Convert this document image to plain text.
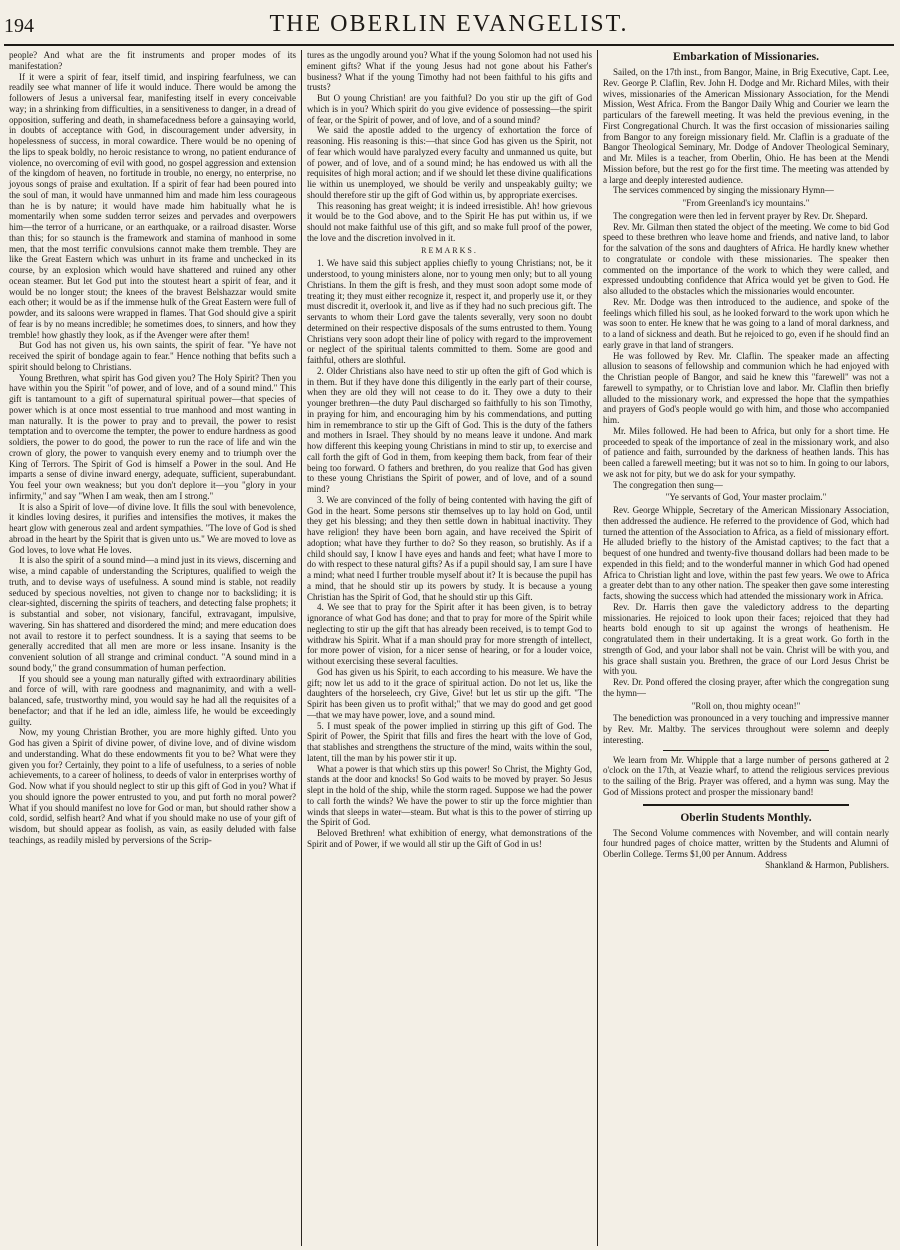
194	THE OBERLIN EVANGELIST.

people? And what are the fit instruments and proper modes of its manifestation?

If it were a spirit of fear, itself timid, and inspiring fearfulness, we can readily see what manner of life it would induce. There would be among the followers of Jesus a universal fear, manifesting itself in every conceivable way; in a shrinking from difficulties, in a sensitiveness to danger, in a dread of opposition, suffering and death, in shamefacedness before a gainsaying world, in doubts of acceptance with God, in discouragement under adversity, in hopelessness of success, in moral cowardice. There would be no opening of the lips to speak boldly, no heroic resistance to wrong, no patient endurance of violence, no overcoming of evil with good, no gospel aggression and extension of the kingdom of heaven, no fortitude in trouble, no energy, no enterprise, no joyous songs of praise and exultation. If a spirit of fear had been poured into the soul of man, it would have unmanned him and made him less courageous than he is by nature; it would have made him habitually what he is momentarily when some sudden terror seizes and pervades and overpowers him—the terror of a hurricane, or an earthquake, or a railroad disaster. Worse than this; for so staunch is the framework and stamina of manhood in some men, that the most terrific convulsions cannot make them tremble. They are like the Great Eastern which was unhurt in its frame and unchecked in its course, by an explosion which would have shattered and ruined any other ocean steamer. But let God put into the stoutest heart a spirit of fear, and it would be no longer stout; the knees of the bravest Belshazzar would smite each other; it would be as if the immense hulk of the Great Eastern were full of powder, and its saloons were wrapped in flames. That God should give a spirit of fear is by no means incredible; he sometimes does, to sinners, and how they tremble! how ghastly they look, as if the Avenger were after them!

But God has not given us, his own saints, the spirit of fear. "Ye have not received the spirit of bondage again to fear." Hence nothing that befits such a spirit should belong to Christians.

Young Brethren, what spirit has God given you? The Holy Spirit? Then you have within you the Spirit "of power, and of love, and of a sound mind." This gift is tantamount to a gift of supernatural spiritual power—that species of power which is at once most essential to true manhood and most wanting in man naturally. It is the power to pray and to prevail, the power to resist temptation and to overcome the tempter, the power to endure hardness as good soldiers, the power to do good, the power to run the race of life and win the crown of glory, the power to vanquish every enemy and to triumph over the King of Terrors. The Spirit of God is himself a Power in the soul. And He imparts a sense of divine inward energy, adequate, sufficient, superabundant. You feel your own weakness; but you don't deplore it—you "glory in your infirmity," and say "When I am weak, then am I strong."

It is also a Spirit of love—of divine love. It fills the soul with benevolence, it kindles loving desires, it purifies and intensifies the motives, it makes the heart glow with generous zeal and ardent sympathies. "The love of God is shed abroad in the heart by the Spirit that is given unto us." We are moved to love as God loves, to love what He loves.

It is also the spirit of a sound mind—a mind just in its views, discerning and wise, a mind capable of understanding the Scriptures, qualified to weigh the truth, and to devise ways of usefulness. A sound mind is stable, not readily seduced by specious novelties, not given to change nor to backsliding; it is clear-sighted, discerning the spirits of teachers, and detecting false prophets; it is substantial and sober, not visionary, fanciful, extravagant, impulsive, wavering. Sin has shattered and disordered the mind; and mere education does not avail to restore it to perfect soundness. It is a saying that seems to be generally accredited that all men are more or less insane. Insanity is the convenient solution of all strange and criminal conduct. "A sound mind in a sound body," the grand consummation of human perfection.

If you should see a young man naturally gifted with extraordinary abilities and force of will, with rare goodness and magnanimity, and with a well-balanced, safe, trustworthy mind, you would say he had all the requisites of a benefactor; and that if he led an idle, aimless life, he would be exceedingly guilty.

Now, my young Christian Brother, you are more highly gifted. Unto you God has given a Spirit of divine power, of divine love, and of divine wisdom and understanding. What do these endowments fit you to be? What were they given you for? Certainly, they point to a life of usefulness, to a series of noble achievements, to a career of holiness, to deeds of valor in enterprises worthy of God. Now what if you should neglect to stir up this gift of God in you? What if you should ignore the power entrusted to you, and put forth no moral power? What if you should manifest no love for God or man, but should rather show a cold, sordid, selfish heart? And what if you should make no use of your gift of wisdom, but should appear as foolish, as vain, as easily deluded with false teachings, as readily misled by perversions of the Scrip-

tures as the ungodly around you? What if the young Solomon had not used his eminent gifts? What if the young Jesus had not gone about his Father's business? What if the young Timothy had not been faithful to his gifts and trusts?

But O young Christian! are you faithful? Do you stir up the gift of God which is in you? Which spirit do you give evidence of possessing—the spirit of fear, or the Spirit of power, and of love, and of a sound mind?

We said the apostle added to the urgency of exhortation the force of reasoning. His reasoning is this:—that since God has given us the Spirit, not of fear which would have paralyzed every faculty and unmanned us quite, but of power, and of love, and of a sound mind; he has endowed us with all the requisites of high moral action; and if we should let these divine qualifications lie within us unemployed, we should be verily and unspeakably guilty; we should therefore stir up the gift of God within us, by appropriate exercises.

This reasoning has great weight; it is indeed irresistible. Ah! how grievous it would be to the God above, and to the Spirit He has put within us, if we should not make faithful use of this gift, and so make full proof of the power, the love and the discretion involved in it.

REMARKS.

1. We have said this subject applies chiefly to young Christians; not, be it understood, to young ministers alone, nor to young men only; but to all young Christians. In them the gift is fresh, and they must soon adopt some mode of treating it; they must either recognize it, respect it, and properly use it, or they must discredit it, overlook it, and live as if they had no such precious gift. The servants to whom their Lord gave the talents severally, very soon no doubt determined on their respective disposals of the sums entrusted to them. Young Christians very soon adopt their line of policy with regard to the improvement or neglect of the spiritual talents committed to them. Some are good and faithful, others are slothful.

2. Older Christians also have need to stir up often the gift of God which is in them. But if they have done this diligently in the early part of their course, when they are old they will not cease to do it. They owe a duty to their younger brethren—the duty Paul discharged so faithfully to his son Timothy, in praying for him, and encouraging him by his commendations, and putting him in remembrance to stir up the Gift of God. This is the duty of the fathers and mothers in Israel. They should by no means leave it undone. And mark how different this keeping young Christians in mind to stir up, to exercise and call forth the gift of God in them, from keeping them back, from fear of their being too forward. O fathers and brethren, do you realize that God has given to these young Christians the Spirit of power, and of love, and of a sound mind?

3. We are convinced of the folly of being contented with having the gift of God in the heart. Some persons stir themselves up to lay hold on God, until they get his blessing; and they then settle down in habitual inactivity. They have religion! they have been born again, and have received the Spirit of adoption; what have they further to do? So they reason, so brutishly. As if a child should say, I know I have eyes and hands and feet; what have I more to do with respect to these natural gifts? As if a pupil should say, I am sure I have a mind; what need I further trouble myself about it? It is because the pupil has a mind, that he should stir up its powers by study. It is because a young Christian has the Spirit of God, that he should stir up this Gift.

4. We see that to pray for the Spirit after it has been given, is to betray ignorance of what God has done; and that to pray for more of the Spirit while neglecting to stir up the gift that has already been received, is to tempt God to withdraw his Spirit. What if a man should pray for more strength of intellect, for more power of vision, for a nicer sense of hearing, or for a louder voice, without exercising these several faculties.

God has given us his Spirit, to each according to his measure. We have the gift; now let us add to it the grace of spiritual action. Do not let us, like the daughters of the horseleech, cry Give, Give! but let us stir up the gift. "The Spirit has been given us to profit withal;" that we may do good and get good—that we may have power, love, and a sound mind.

5. I must speak of the power implied in stirring up this gift of God. The Spirit of Power, the Spirit that fills and fires the heart with the love of God, that stablishes and strengthens the structure of the mind, waits within the soul, latent, till the man by his power stir it up.

What a power is that which stirs up this power! So Christ, the Mighty God, stands at the door and knocks! So God waits to be moved by prayer. So Jesus slept in the hold of the ship, while the storm raged. Suppose we had the power to call forth the winds? We have the power to stir up the force mightier than winds that sleeps in water—steam. But what is this to the power of stirring up the Spirit of God.

Beloved Brethren! what exhibition of energy, what demonstrations of the Spirit and of Power, if we would all stir up the Gift of God in us!

Embarkation of Missionaries.

Sailed, on the 17th inst., from Bangor, Maine, in Brig Executive, Capt. Lee, Rev. George P. Claflin, Rev. John H. Dodge and Mr. Richard Miles, with their wives, missionaries of the American Missionary Association, for the Mendi Mission, West Africa. From the Bangor Daily Whig and Courier we learn the particulars of the farewell meeting. It was held the previous evening, in the First Congregational Church. It was the first occasion of missionaries sailing from Bangor to any foreign missionary field. Mr. Claflin is a graduate of the Bangor Theological Seminary, Mr. Dodge of Andover Theological Seminary, and Mr. Miles is a teacher, from Oberlin, Ohio. He has been at the Mendi Mission before, but the rest go for the first time. The meeting was attended by a large and deeply interested audience.

The services commenced by singing the missionary Hymn—

"From Greenland's icy mountains."

The congregation were then led in fervent prayer by Rev. Dr. Shepard.

Rev. Mr. Gilman then stated the object of the meeting. We come to bid God speed to these brethren who leave home and friends, and native land, to labor for the salvation of the sons and daughters of Africa. He hardly knew whether to congratulate or condole with these missionaries. The speaker then commented on the importance of the work to which they were called, and expressed undoubting confidence that Africa would yet be given to God. He also alluded to the obstacles which the missionaries would encounter.

Rev. Mr. Dodge was then introduced to the audience, and spoke of the feelings which filled his soul, as he looked forward to the work upon which he was soon to enter. He knew that he was going to a land of moral darkness, and to a land of sickness and death. But he rejoiced to go, even if he should find an early grave in that land of strangers.

He was followed by Rev. Mr. Claflin. The speaker made an affecting allusion to seasons of fellowship and communion which he had enjoyed with the Christian people of Bangor, and said he knew this "farewell" was not a farewell to sympathy, or to Christian love and labor. Mr. Claflin then briefly alluded to the missionary work, and expressed the hope that the sympathies and prayers of God's people would go with him, and those who accompanied him.

Mr. Miles followed. He had been to Africa, but only for a short time. He proceeded to speak of the importance of zeal in the missionary work, and also of patience and faith, surrounded by the darkness of heathen lands. This has been called a farewell meeting; but it was not so to him. In going to our labors, we ask not for pity, but we do ask for your sympathy.

The congregation then sung—

"Ye servants of God, Your master proclaim."

Rev. George Whipple, Secretary of the American Missionary Association, then addressed the audience. He referred to the providence of God, which had turned the attention of the Association to Africa, as a field of missionary effort. He alluded briefly to the history of the Amistad captives; to the fact that a bequest of one hundred and twenty-five thousand dollars had been made to be expended in this field; and to the wonderful manner in which God had opened Africa to Christian light and love, within the past few years. We owe to Africa a greater debt than to any other nation. The speaker then gave some interesting facts, showing the success which had attended the missionary work in Africa.

Rev. Dr. Harris then gave the valedictory address to the departing missionaries. He rejoiced to look upon their faces; rejoiced that they had hearts bold enough to sit up against the wrongs of heathenism. He congratulated them in their undertaking. It is a great work. Go forth in the strength of God, and your labor shall not be vain. Christ will be with you, and his grace shall sustain you. Brethren, the grace of our Lord Jesus Christ be with you.

Rev. Dr. Pond offered the closing prayer, after which the congregation sung the hymn—

"Roll on, thou mighty ocean!"

The benediction was pronounced in a very touching and impressive manner by Rev. Mr. Maltby. The services throughout were solemn and deeply interesting.

We learn from Mr. Whipple that a large number of persons gathered at 2 o'clock on the 17th, at Veazie wharf, to attend the religious services previous to the sailing of the Brig. Prayer was offered, and a hymn was sung. May the God of Missions protect and prosper the missionary band!

Oberlin Students Monthly.

The Second Volume commences with November, and will contain nearly four hundred pages of choice matter, written by the Students and Alumni of Oberlin College. Terms $1,00 per Annum. Address

Shankland & Harmon, Publishers.
